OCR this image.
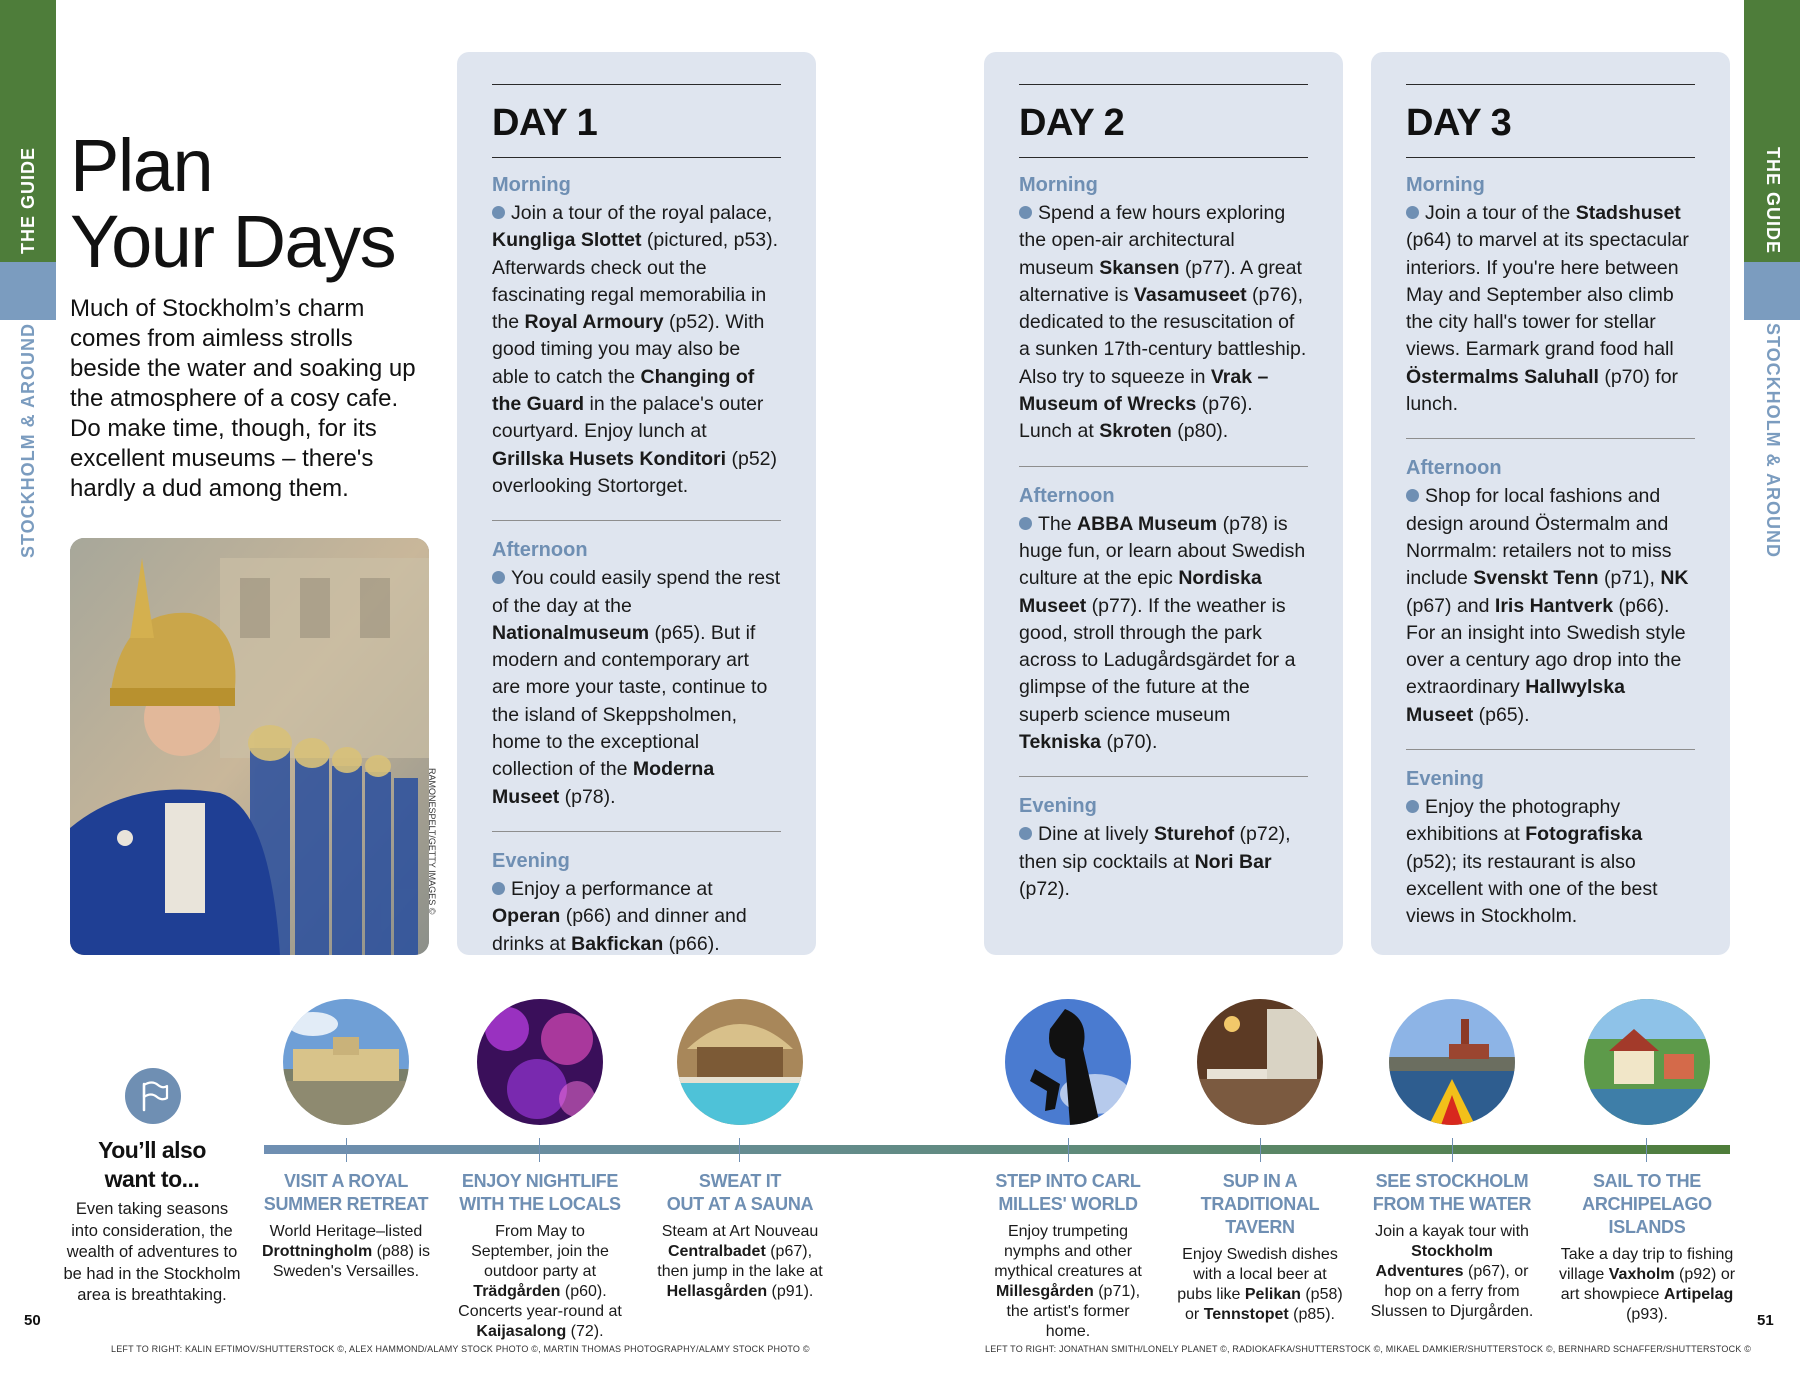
THE GUIDE
STOCKHOLM & AROUND
THE GUIDE
STOCKHOLM & AROUND
Plan
Your Days
Much of Stockholm’s charm comes from aimless strolls beside the water and soaking up the atmosphere of a cosy cafe. Do make time, though, for its excellent museums – there's hardly a dud among them.
RAMONESPELT/GETTY IMAGES ©
DAY 1
Morning
Join a tour of the royal palace, Kungliga Slottet (pictured, p53). Afterwards check out the fascinating regal memorabilia in the Royal Armoury (p52). With good timing you may also be able to catch the Changing of the Guard in the palace's outer courtyard. Enjoy lunch at Grillska Husets Konditori (p52) overlooking Stortorget.
Afternoon
You could easily spend the rest of the day at the Nationalmuseum (p65). But if modern and contemporary art are more your taste, continue to the island of Skeppsholmen, home to the exceptional collection of the Moderna Museet (p78).
Evening
Enjoy a performance at Operan (p66) and dinner and drinks at Bakfickan (p66).
DAY 2
Morning
Spend a few hours exploring the open-air architectural museum Skansen (p77). A great alternative is Vasamuseet (p76), dedicated to the resuscitation of a sunken 17th-century battleship. Also try to squeeze in Vrak – Museum of Wrecks (p76). Lunch at Skroten (p80).
Afternoon
The ABBA Museum (p78) is huge fun, or learn about Swedish culture at the epic Nordiska Museet (p77). If the weather is good, stroll through the park across to Ladugårdsgärdet for a glimpse of the future at the superb science museum Tekniska (p70).
Evening
Dine at lively Sturehof (p72), then sip cocktails at Nori Bar (p72).
DAY 3
Morning
Join a tour of the Stadshuset (p64) to marvel at its spectacular interiors. If you're here between May and September also climb the city hall's tower for stellar views. Earmark grand food hall Östermalms Saluhall (p70) for lunch.
Afternoon
Shop for local fashions and design around Östermalm and Norrmalm: retailers not to miss include Svenskt Tenn (p71), NK (p67) and Iris Hantverk (p66). For an insight into Swedish style over a century ago drop into the extraordinary Hallwylska Museet (p65).
Evening
Enjoy the photography exhibitions at Fotografiska (p52); its restaurant is also excellent with one of the best views in Stockholm.
You’ll also
want to...
Even taking seasons into consideration, the wealth of adventures to be had in the Stockholm area is breathtaking.
VISIT A ROYAL
SUMMER RETREAT
ENJOY NIGHTLIFE
WITH THE LOCALS
SWEAT IT
OUT AT A SAUNA
STEP INTO CARL
MILLES' WORLD
SUP IN A
TRADITIONAL
TAVERN
SEE STOCKHOLM
FROM THE WATER
SAIL TO THE
ARCHIPELAGO
ISLANDS
World Heritage–listed Drottningholm (p88) is Sweden's Versailles.
From May to September, join the outdoor party at Trädgården (p60). Concerts year-round at Kaijasalong (72).
Steam at Art Nouveau Centralbadet (p67), then jump in the lake at Hellasgården (p91).
Enjoy trumpeting nymphs and other mythical creatures at Millesgården (p71), the artist's former home.
Enjoy Swedish dishes with a local beer at pubs like Pelikan (p58) or Tennstopet (p85).
Join a kayak tour with Stockholm Adventures (p67), or hop on a ferry from Slussen to Djurgården.
Take a day trip to fishing village Vaxholm (p92) or art showpiece Artipelag (p93).
50	51
LEFT TO RIGHT: KALIN EFTIMOV/SHUTTERSTOCK ©, ALEX HAMMOND/ALAMY STOCK PHOTO ©, MARTIN THOMAS PHOTOGRAPHY/ALAMY STOCK PHOTO ©	LEFT TO RIGHT: JONATHAN SMITH/LONELY PLANET ©, RADIOKAFKA/SHUTTERSTOCK ©, MIKAEL DAMKIER/SHUTTERSTOCK ©, BERNHARD SCHAFFER/SHUTTERSTOCK ©
